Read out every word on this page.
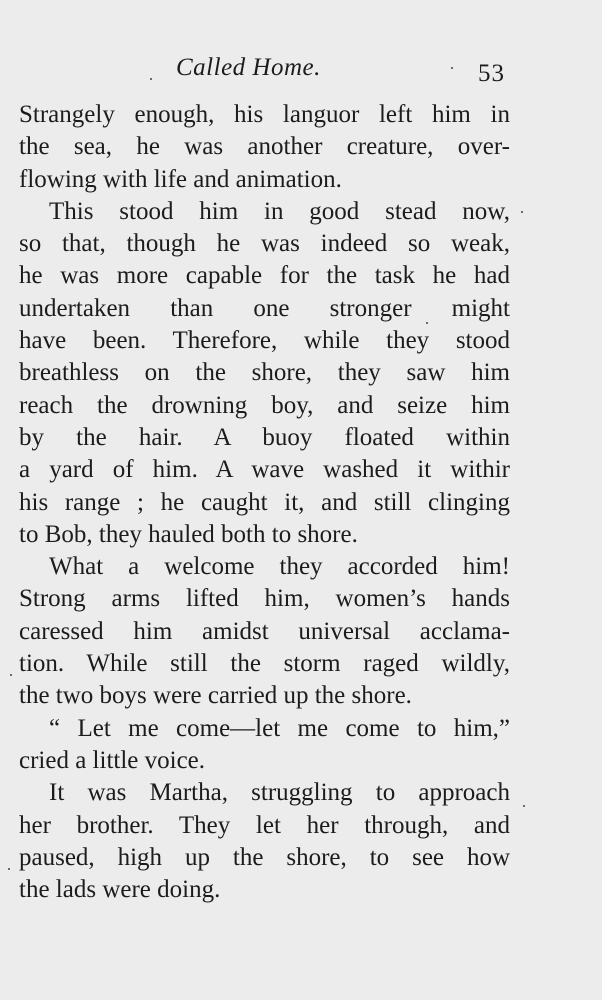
Called Home.	53
Strangely enough, his languor left him in
the sea, he was another creature, over-
flowing with life and animation.
This stood him in good stead now,
so that, though he was indeed so weak,
he was more capable for the task he had
undertaken than one stronger might
have been. Therefore, while they stood
breathless on the shore, they saw him
reach the drowning boy, and seize him
by the hair. A buoy floated within
a yard of him. A wave washed it withir
his range ; he caught it, and still clinging
to Bob, they hauled both to shore.
What a welcome they accorded him!
Strong arms lifted him, women’s hands
caressed him amidst universal acclama-
tion. While still the storm raged wildly,
the two boys were carried up the shore.
“ Let me come—let me come to him,”
cried a little voice.
It was Martha, struggling to approach
her brother. They let her through, and
paused, high up the shore, to see how
the lads were doing.
